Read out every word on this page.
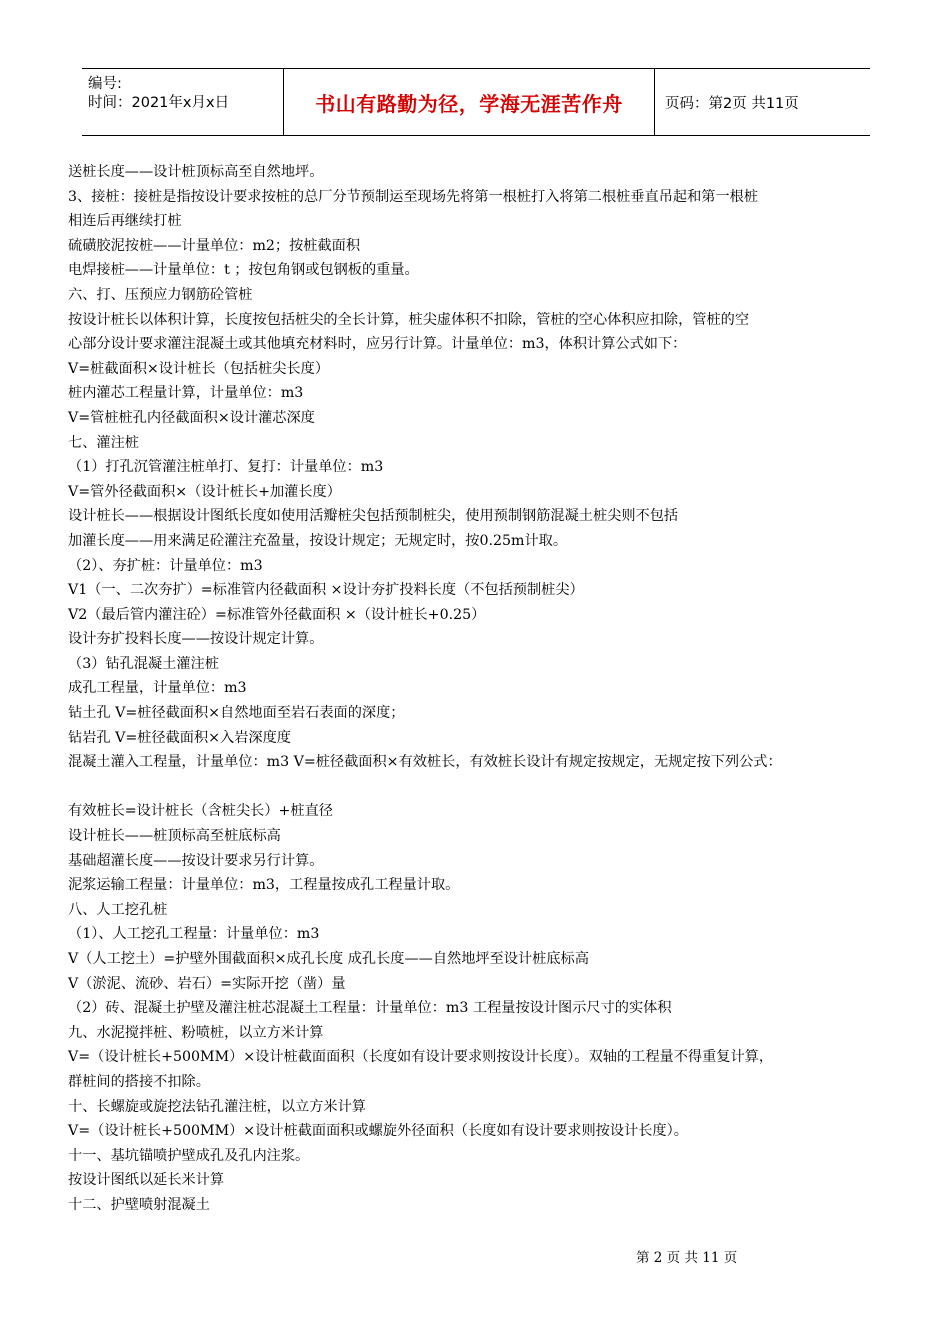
编号:
时间：2021年x月x日	书山有路勤为径，学海无涯苦作舟	页码：第2页 共11页

送桩长度——设计桩顶标高至自然地坪。

3、接桩：接桩是指按设计要求按桩的总厂分节预制运至现场先将第一根桩打入将第二根桩垂直吊起和第一根桩

相连后再继续打桩

硫磺胶泥按桩——计量单位：m2；按桩截面积

电焊接桩——计量单位：t ；按包角钢或包钢板的重量。

六、打、压预应力钢筋砼管桩

按设计桩长以体积计算，长度按包括桩尖的全长计算，桩尖虚体积不扣除，管桩的空心体积应扣除，管桩的空

心部分设计要求灌注混凝土或其他填充材料时，应另行计算。计量单位：m3，体积计算公式如下：

V=桩截面积×设计桩长（包括桩尖长度）

桩内灌芯工程量计算，计量单位：m3

V=管桩桩孔内径截面积×设计灌芯深度

七、灌注桩

（1）打孔沉管灌注桩单打、复打：计量单位：m3

V=管外径截面积×（设计桩长+加灌长度）

设计桩长——根据设计图纸长度如使用活瓣桩尖包括预制桩尖，使用预制钢筋混凝土桩尖则不包括

加灌长度——用来满足砼灌注充盈量，按设计规定；无规定时，按0.25m计取。

（2）、夯扩桩：计量单位：m3

V1（一、二次夯扩）=标准管内径截面积 ×设计夯扩投料长度（不包括预制桩尖）

V2（最后管内灌注砼）=标准管外径截面积 ×（设计桩长+0.25）

设计夯扩投料长度——按设计规定计算。

（3）钻孔混凝土灌注桩

成孔工程量，计量单位：m3

钻土孔 V=桩径截面积×自然地面至岩石表面的深度；

钻岩孔 V=桩径截面积×入岩深度度

混凝土灌入工程量，计量单位：m3 V=桩径截面积×有效桩长，有效桩长设计有规定按规定，无规定按下列公式：

有效桩长=设计桩长（含桩尖长）+桩直径

设计桩长——桩顶标高至桩底标高

基础超灌长度——按设计要求另行计算。

泥浆运输工程量：计量单位：m3，工程量按成孔工程量计取。

八、人工挖孔桩

（1）、人工挖孔工程量：计量单位：m3

V（人工挖土）=护壁外围截面积×成孔长度 成孔长度——自然地坪至设计桩底标高

V（淤泥、流砂、岩石）=实际开挖（凿）量

（2）砖、混凝土护壁及灌注桩芯混凝土工程量：计量单位：m3 工程量按设计图示尺寸的实体积

九、水泥搅拌桩、粉喷桩，以立方米计算

V=（设计桩长+500MM）×设计桩截面面积（长度如有设计要求则按设计长度）。双轴的工程量不得重复计算，

群桩间的搭接不扣除。

十、长螺旋或旋挖法钻孔灌注桩，以立方米计算

V=（设计桩长+500MM）×设计桩截面面积或螺旋外径面积（长度如有设计要求则按设计长度）。

十一、基坑锚喷护壁成孔及孔内注浆。

按设计图纸以延长米计算

十二、护壁喷射混凝土

第 2 页 共 11 页
